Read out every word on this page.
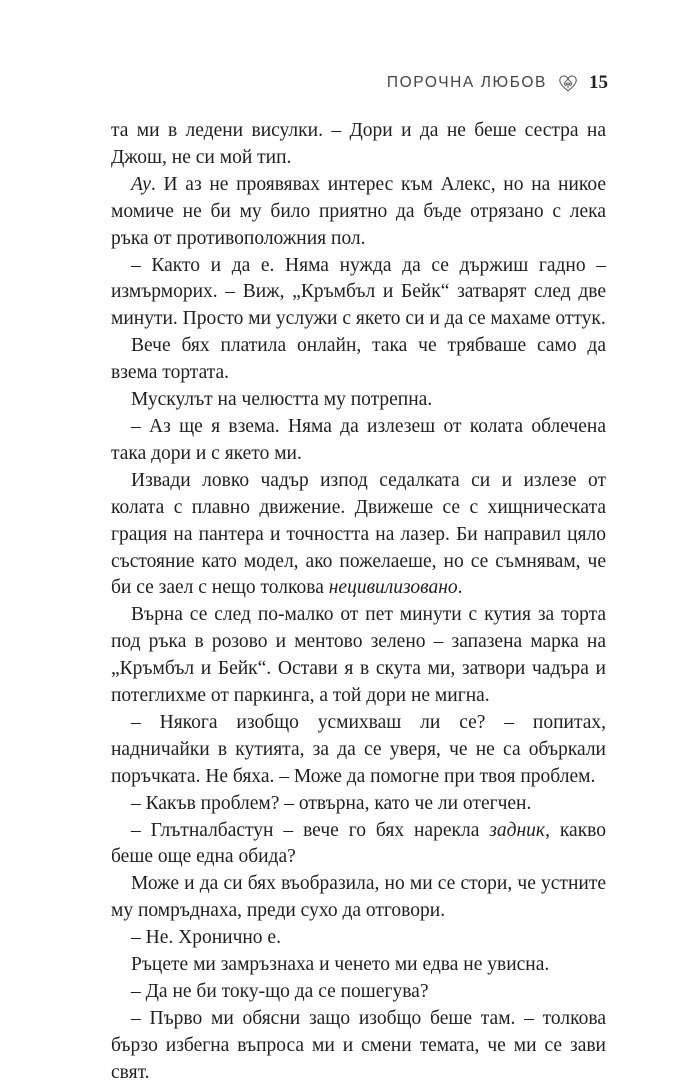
ПОРОЧНА ЛЮБОВ 15

та ми в ледени висулки. – Дори и да не беше сестра на Джош, не си мой тип.

Ау. И аз не проявявах интерес към Алекс, но на никое момиче не би му било приятно да бъде отрязано с лека ръка от противоположния пол.

– Както и да е. Няма нужда да се държиш гадно – измърморих. – Виж, „Кръмбъл и Бейк“ затварят след две минути. Просто ми услужи с якето си и да се махаме оттук.

Вече бях платила онлайн, така че трябваше само да взема тортата.

Мускулът на челюстта му потрепна.

– Аз ще я взема. Няма да излезеш от колата облечена така дори и с якето ми.

Извади ловко чадър изпод седалката си и излезе от колата с плавно движение. Движеше се с хищническата грация на пантера и точността на лазер. Би направил цяло състояние като модел, ако пожелаеше, но се съмнявам, че би се заел с нещо толкова нецивилизовано.

Върна се след по-малко от пет минути с кутия за торта под ръка в розово и ментово зелено – запазена марка на „Кръмбъл и Бейк“. Остави я в скута ми, затвори чадъра и потеглихме от паркинга, а той дори не мигна.

– Някога изобщо усмихваш ли се? – попитах, надничайки в кутията, за да се уверя, че не са объркали поръчката. Не бяха. – Може да помогне при твоя проблем.

– Какъв проблем? – отвърна, като че ли отегчен.

– Глътналбастун – вече го бях нарекла задник, какво беше още една обида?

Може и да си бях въобразила, но ми се стори, че устните му помръднаха, преди сухо да отговори.

– Не. Хронично е.

Ръцете ми замръзнаха и ченето ми едва не увисна.

– Да не би току-що да се пошегува?

– Първо ми обясни защо изобщо беше там. – толкова бързо избегна въпроса ми и смени темата, че ми се зави свят.
